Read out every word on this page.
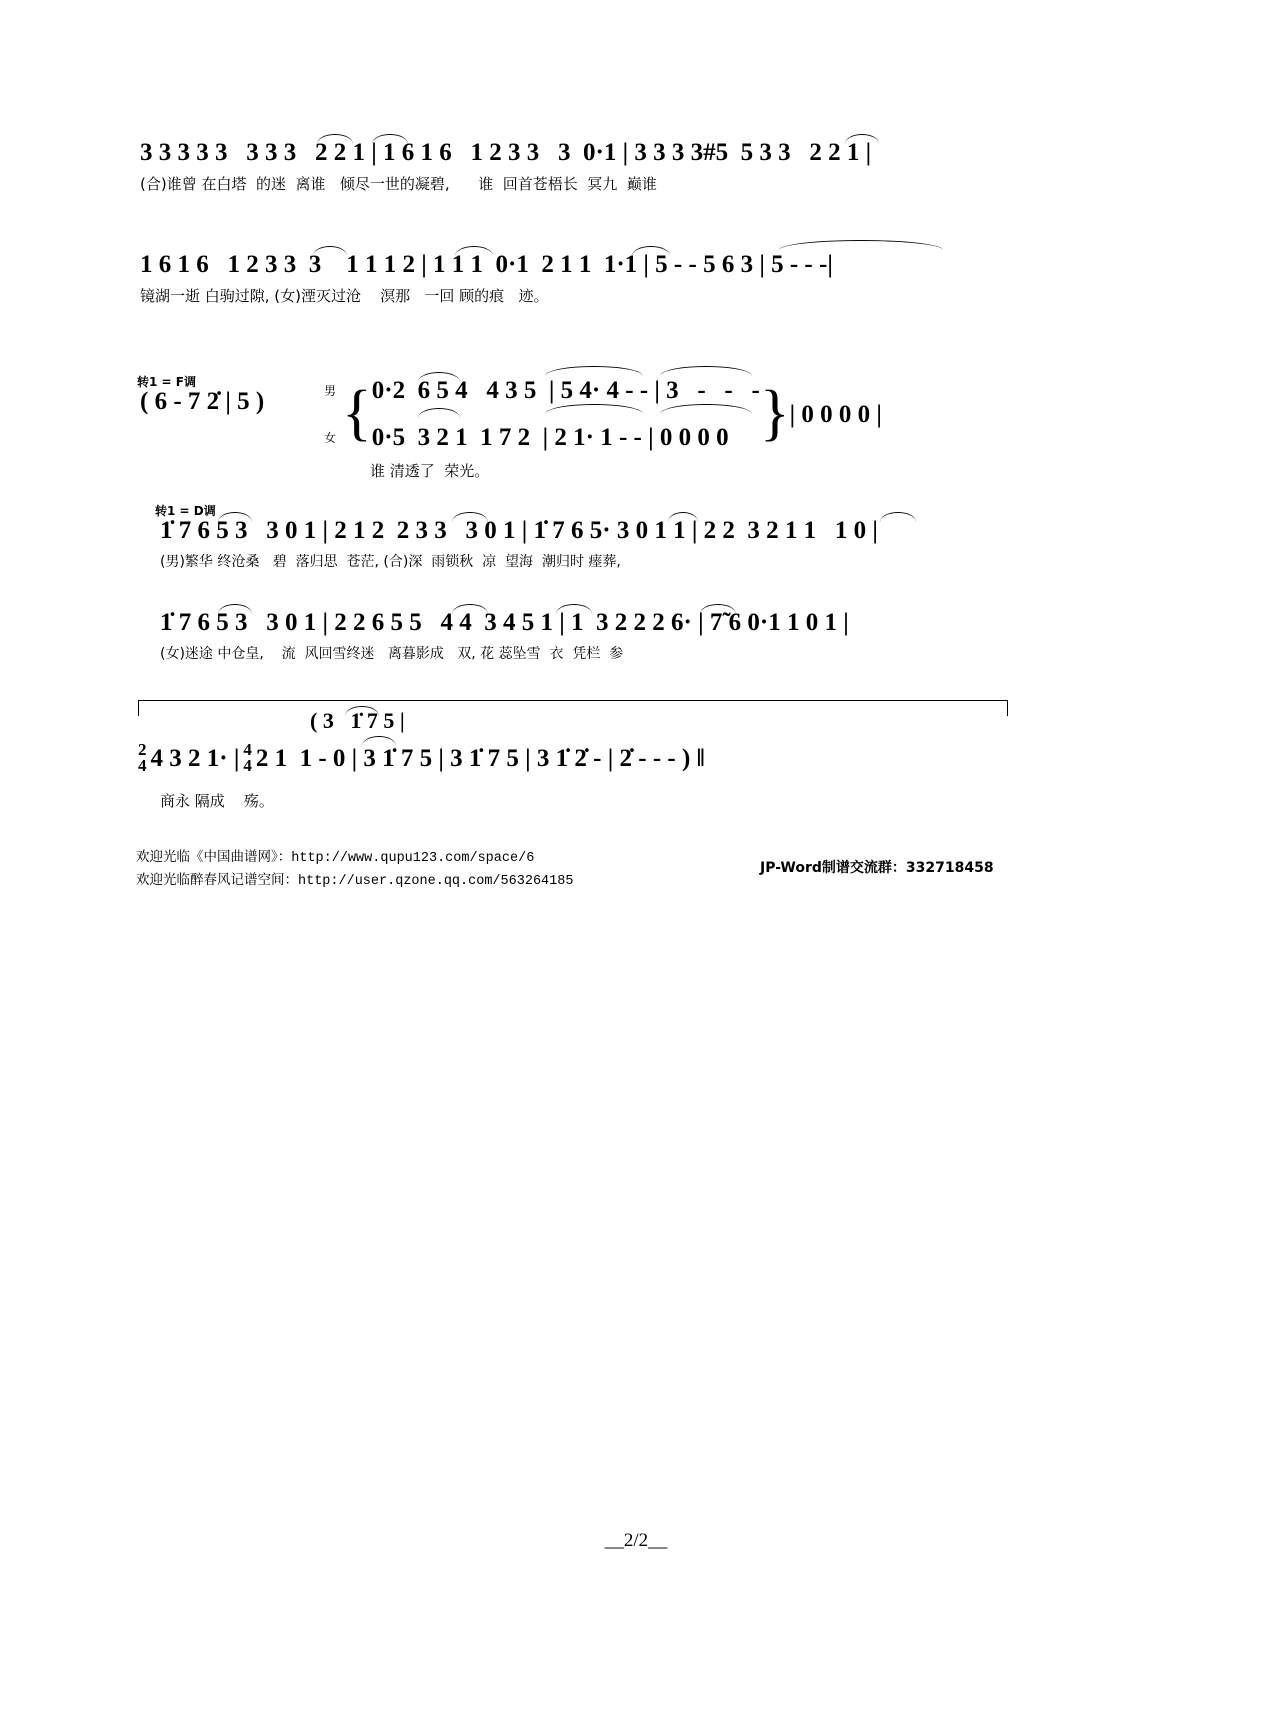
3 3 3 3 3   3 3 3   2 2 1 | 1 6 1 6   1 2 3 3   3  0·1 | 3 3 3 3#5  5 3 3   2 2 1 |
(合)谁曾 在白塔  的迷  离谁   倾尽一世的凝碧,      谁  回首苍梧长  冥九  巅谁
1 6 1 6   1 2 3 3  3    1 1 1 2 | 1 1 1  0·1  2 1 1  1·1 | 5 - - 5 6 3 | 5 - - -|
镜湖一逝 白驹过隙, (女)湮灭过沧    溟那   一回 顾的痕   迹。
转1 = F调
( 6 - 7 2̇ | 5 )	男
女 { 0·2  6 5 4   4 3 5  | 5 4· 4 - - | 3   -   -   -
0·5  3 2 1  1 7 2  | 2 1· 1 - - | 0 0 0 0 } | 0 0 0 0 |
谁 清透了  荣光。
转1 = D调
1̇ 7 6 5 3   3 0 1 | 2 1 2  2 3 3   3 0 1 | 1̇ 7 6 5· 3 0 1 1 | 2 2  3 2 1 1   1 0 |
(男)繁华 终沧桑   碧  落归思  苍茫, (合)深  雨锁秋  凉  望海  潮归时 瘗葬,
1̇ 7 6 5 3   3 0 1 | 2 2 6 5 5   4 4  3 4 5 1 | 1  3 2 2 2 6· | 7̃ 6 0·1 1 0 1 |
(女)迷途 中仓皇,    流  风回雪终迷   离暮影成   双, 花 蕊坠雪  衣  凭栏  参
( 3   1̇ 7 5 |
2
4 4 3 2 1· | 4
4 2 1  1 - 0 | 3 1̇ 7 5 | 3 1̇ 7 5 | 3 1̇ 2̇ - | 2̇ - - - ) ‖
商永 隔成    殇。
欢迎光临《中国曲谱网》：http://www.qupu123.com/space/6
欢迎光临醉春风记谱空间：http://user.qzone.qq.com/563264185
JP-Word制谱交流群：332718458
__2/2__
